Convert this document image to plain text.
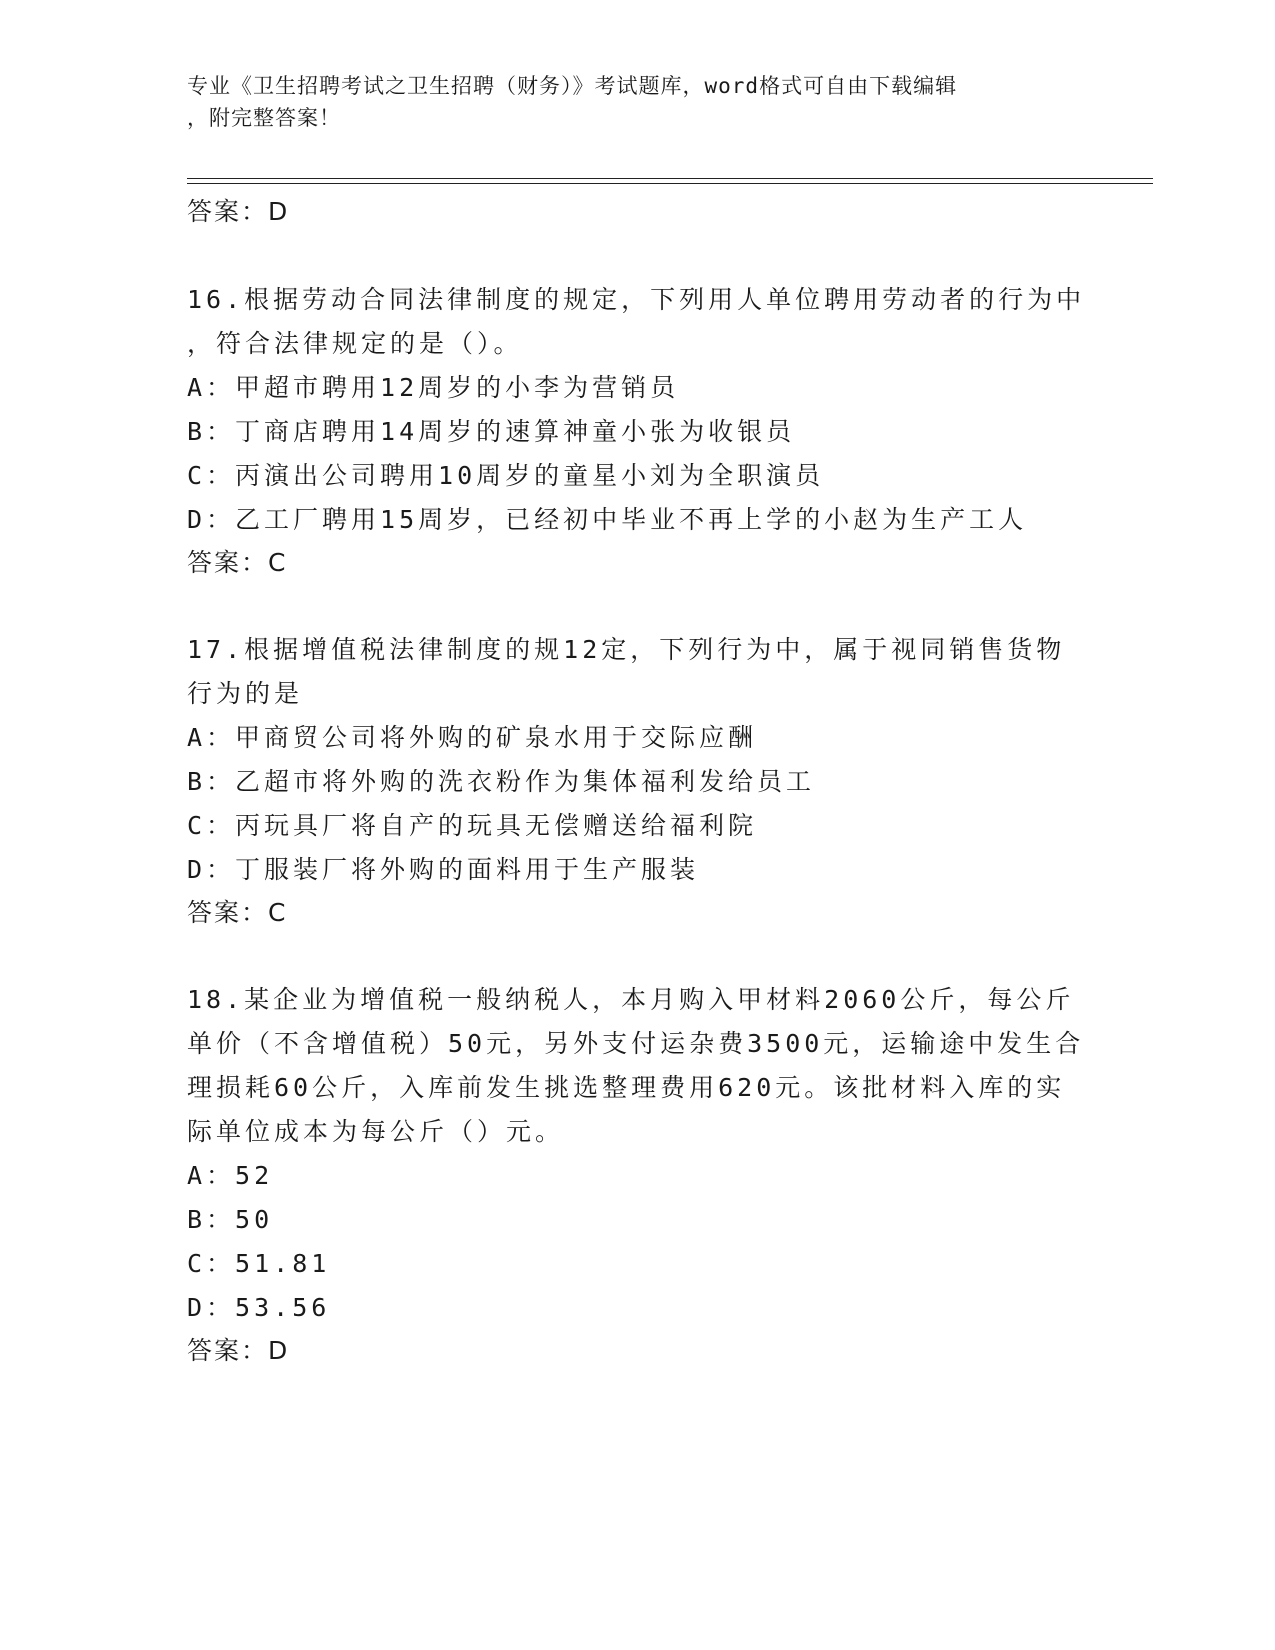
专业《卫生招聘考试之卫生招聘（财务）》考试题库，word格式可自由下载编辑
，附完整答案！
答案：D
16.根据劳动合同法律制度的规定，下列用人单位聘用劳动者的行为中
，符合法律规定的是（）。
A：甲超市聘用12周岁的小李为营销员
B：丁商店聘用14周岁的速算神童小张为收银员
C：丙演出公司聘用10周岁的童星小刘为全职演员
D：乙工厂聘用15周岁，已经初中毕业不再上学的小赵为生产工人
答案：C
17.根据增值税法律制度的规12定，下列行为中，属于视同销售货物
行为的是
A：甲商贸公司将外购的矿泉水用于交际应酬
B：乙超市将外购的洗衣粉作为集体福利发给员工
C：丙玩具厂将自产的玩具无偿赠送给福利院
D：丁服装厂将外购的面料用于生产服装
答案：C
18.某企业为增值税一般纳税人，本月购入甲材料2060公斤，每公斤
单价（不含增值税）50元，另外支付运杂费3500元，运输途中发生合
理损耗60公斤，入库前发生挑选整理费用620元。该批材料入库的实
际单位成本为每公斤（）元。
A：52
B：50
C：51.81
D：53.56
答案：D
